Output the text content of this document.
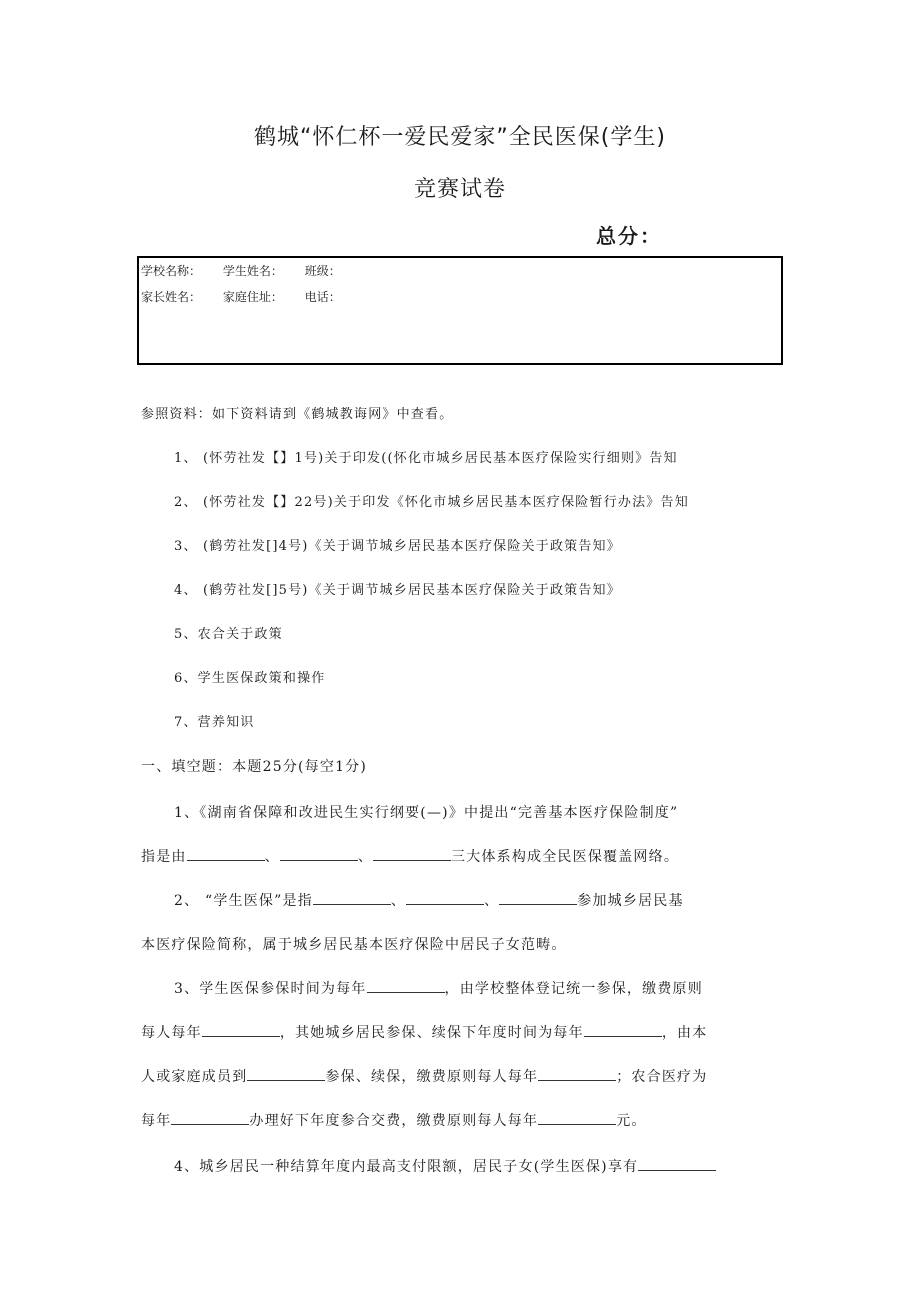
鹤城“怀仁杯一爱民爱家”全民医保(学生)
竞赛试卷
总分：
学校名称： 学生姓名： 班级：
家长姓名： 家庭住址： 电话：
参照资料：如下资料请到《鹤城教诲网》中查看。
1、 (怀劳社发【】1号)关于印发((怀化市城乡居民基本医疗保险实行细则》告知
2、 (怀劳社发【】22号)关于印发《怀化市城乡居民基本医疗保险暂行办法》告知
3、 (鹤劳社发[]4号)《关于调节城乡居民基本医疗保险关于政策告知》
4、 (鹤劳社发[]5号)《关于调节城乡居民基本医疗保险关于政策告知》
5、农合关于政策
6、学生医保政策和操作
7、营养知识
一、填空题：本题25分(每空1分)
1、《湖南省保障和改进民生实行纲要(—)》中提出“完善基本医疗保险制度”
指是由	、	、	三大体系构成全民医保覆盖网络。
2、 “学生医保”是指	、	、	参加城乡居民基
本医疗保险简称，属于城乡居民基本医疗保险中居民子女范畴。
3、学生医保参保时间为每年	，由学校整体登记统一参保，缴费原则
每人每年	，其她城乡居民参保、续保下年度时间为每年	，由本
人或家庭成员到	参保、续保，缴费原则每人每年	；农合医疗为
每年	办理好下年度参合交费，缴费原则每人每年	元。
4、城乡居民一种结算年度内最高支付限额，居民子女(学生医保)享有
